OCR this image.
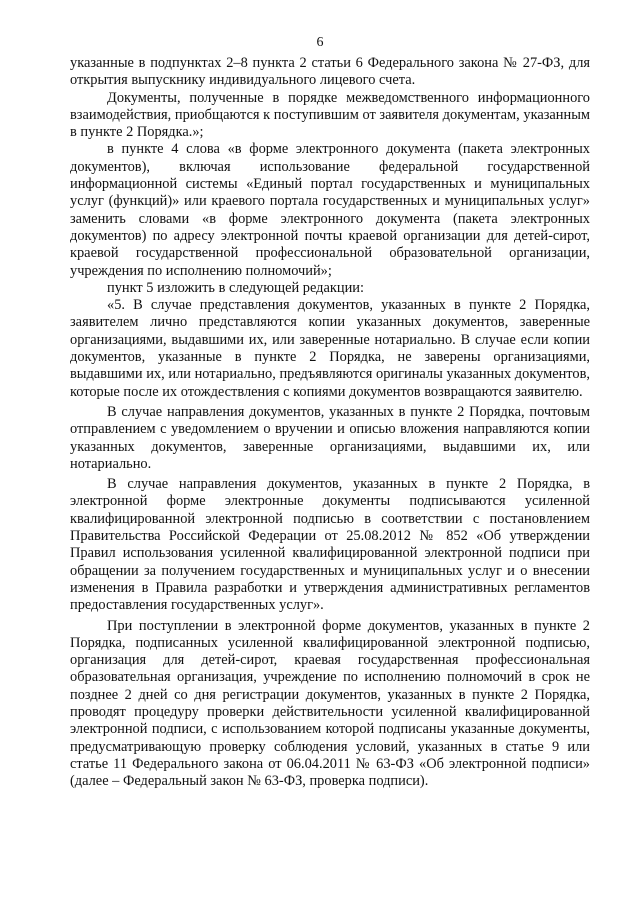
6

указанные в подпунктах 2–8 пункта 2 статьи 6 Федерального закона № 27-ФЗ, для открытия выпускнику индивидуального лицевого счета.

Документы, полученные в порядке межведомственного информационного взаимодействия, приобщаются к поступившим от заявителя документам, указанным в пункте 2 Порядка.»;

в пункте 4 слова «в форме электронного документа (пакета электронных документов), включая использование федеральной государственной информационной системы «Единый портал государственных и муниципальных услуг (функций)» или краевого портала государственных и муниципальных услуг» заменить словами «в форме электронного документа (пакета электронных документов) по адресу электронной почты краевой организации для детей-сирот, краевой государственной профессиональной образовательной организации, учреждения по исполнению полномочий»;

пункт 5 изложить в следующей редакции:

«5. В случае представления документов, указанных в пункте 2 Порядка, заявителем лично представляются копии указанных документов, заверенные организациями, выдавшими их, или заверенные нотариально. В случае если копии документов, указанные в пункте 2 Порядка, не заверены организациями, выдавшими их, или нотариально, предъявляются оригиналы указанных документов, которые после их отождествления с копиями документов возвращаются заявителю.

В случае направления документов, указанных в пункте 2 Порядка, почтовым отправлением с уведомлением о вручении и описью вложения направляются копии указанных документов, заверенные организациями, выдавшими их, или нотариально.

В случае направления документов, указанных в пункте 2 Порядка, в электронной форме электронные документы подписываются усиленной квалифицированной электронной подписью в соответствии с постановлением Правительства Российской Федерации от 25.08.2012 № 852 «Об утверждении Правил использования усиленной квалифицированной электронной подписи при обращении за получением государственных и муниципальных услуг и о внесении изменения в Правила разработки и утверждения административных регламентов предоставления государственных услуг».

При поступлении в электронной форме документов, указанных в пункте 2 Порядка, подписанных усиленной квалифицированной электронной подписью, организация для детей-сирот, краевая государственная профессиональная образовательная организация, учреждение по исполнению полномочий в срок не позднее 2 дней со дня регистрации документов, указанных в пункте 2 Порядка, проводят процедуру проверки действительности усиленной квалифицированной электронной подписи, с использованием которой подписаны указанные документы, предусматривающую проверку соблюдения условий, указанных в статье 9 или статье 11 Федерального закона от 06.04.2011 № 63-ФЗ «Об электронной подписи» (далее – Федеральный закон № 63-ФЗ, проверка подписи).
